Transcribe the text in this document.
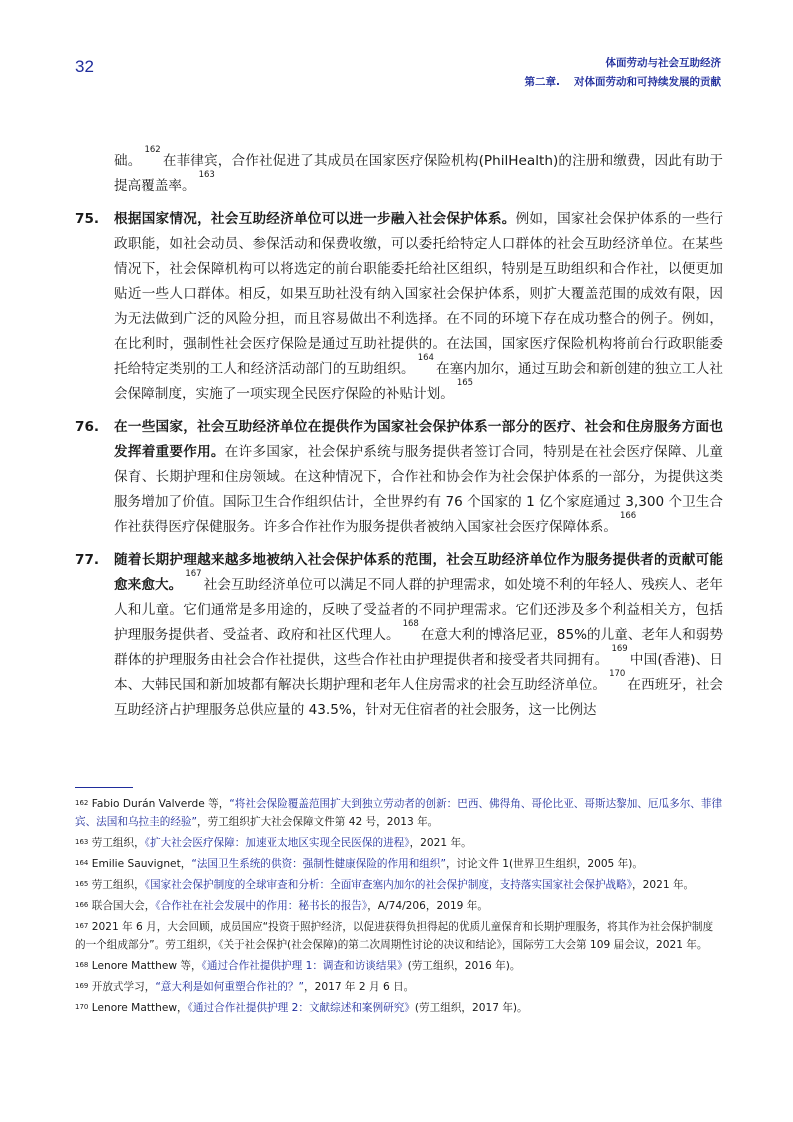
32	体面劳动与社会互助经济
第二章. 对体面劳动和可持续发展的贡献
础。$^{162}$在菲律宾，合作社促进了其成员在国家医疗保险机构(PhilHealth)的注册和缴费，因此有助于提高覆盖率。$^{163}$
75.	根据国家情况，社会互助经济单位可以进一步融入社会保护体系。例如，国家社会保护体系的一些行政职能，如社会动员、参保活动和保费收缴，可以委托给特定人口群体的社会互助经济单位。在某些情况下，社会保障机构可以将选定的前台职能委托给社区组织，特别是互助组织和合作社，以便更加贴近一些人口群体。相反，如果互助社没有纳入国家社会保护体系，则扩大覆盖范围的成效有限，因为无法做到广泛的风险分担，而且容易做出不利选择。在不同的环境下存在成功整合的例子。例如，在比利时，强制性社会医疗保险是通过互助社提供的。在法国，国家医疗保险机构将前台行政职能委托给特定类别的工人和经济活动部门的互助组织。$^{164}$在塞内加尔，通过互助会和新创建的独立工人社会保障制度，实施了一项实现全民医疗保险的补贴计划。$^{165}$
76.	在一些国家，社会互助经济单位在提供作为国家社会保护体系一部分的医疗、社会和住房服务方面也发挥着重要作用。在许多国家，社会保护系统与服务提供者签订合同，特别是在社会医疗保障、儿童保育、长期护理和住房领域。在这种情况下，合作社和协会作为社会保护体系的一部分，为提供这类服务增加了价值。国际卫生合作组织估计，全世界约有 76 个国家的 1 亿个家庭通过 3,300 个卫生合作社获得医疗保健服务。许多合作社作为服务提供者被纳入国家社会医疗保障体系。$^{166}$
77.	随着长期护理越来越多地被纳入社会保护体系的范围，社会互助经济单位作为服务提供者的贡献可能愈来愈大。$^{167}$社会互助经济单位可以满足不同人群的护理需求，如处境不利的年轻人、残疾人、老年人和儿童。它们通常是多用途的，反映了受益者的不同护理需求。它们还涉及多个利益相关方，包括护理服务提供者、受益者、政府和社区代理人。$^{168}$在意大利的博洛尼亚，85%的儿童、老年人和弱势群体的护理服务由社会合作社提供，这些合作社由护理提供者和接受者共同拥有。$^{169}$中国(香港)、日本、大韩民国和新加坡都有解决长期护理和老年人住房需求的社会互助经济单位。$^{170}$在西班牙，社会互助经济占护理服务总供应量的 43.5%，针对无住宿者的社会服务，这一比例达
$^{162}$ Fabio Durán Valverde 等，“将社会保险覆盖范围扩大到独立劳动者的创新：巴西、佛得角、哥伦比亚、哥斯达黎加、厄瓜多尔、菲律宾、法国和乌拉圭的经验”，劳工组织扩大社会保障文件第 42 号，2013 年。
$^{163}$ 劳工组织，《扩大社会医疗保障：加速亚太地区实现全民医保的进程》，2021 年。
$^{164}$ Emilie Sauvignet，“法国卫生系统的供资：强制性健康保险的作用和组织”，讨论文件 1(世界卫生组织，2005 年)。
$^{165}$ 劳工组织，《国家社会保护制度的全球审查和分析：全面审查塞内加尔的社会保护制度，支持落实国家社会保护战略》，2021 年。
$^{166}$ 联合国大会，《合作社在社会发展中的作用：秘书长的报告》，A/74/206，2019 年。
$^{167}$ 2021 年 6 月，大会回顾，成员国应“投资于照护经济，以促进获得负担得起的优质儿童保育和长期护理服务，将其作为社会保护制度的一个组成部分”。劳工组织，《关于社会保护(社会保障)的第二次周期性讨论的决议和结论》，国际劳工大会第 109 届会议，2021 年。
$^{168}$ Lenore Matthew 等，《通过合作社提供护理 1：调查和访谈结果》(劳工组织，2016 年)。
$^{169}$ 开放式学习，“意大利是如何重塑合作社的？”，2017 年 2 月 6 日。
$^{170}$ Lenore Matthew，《通过合作社提供护理 2：文献综述和案例研究》(劳工组织，2017 年)。
